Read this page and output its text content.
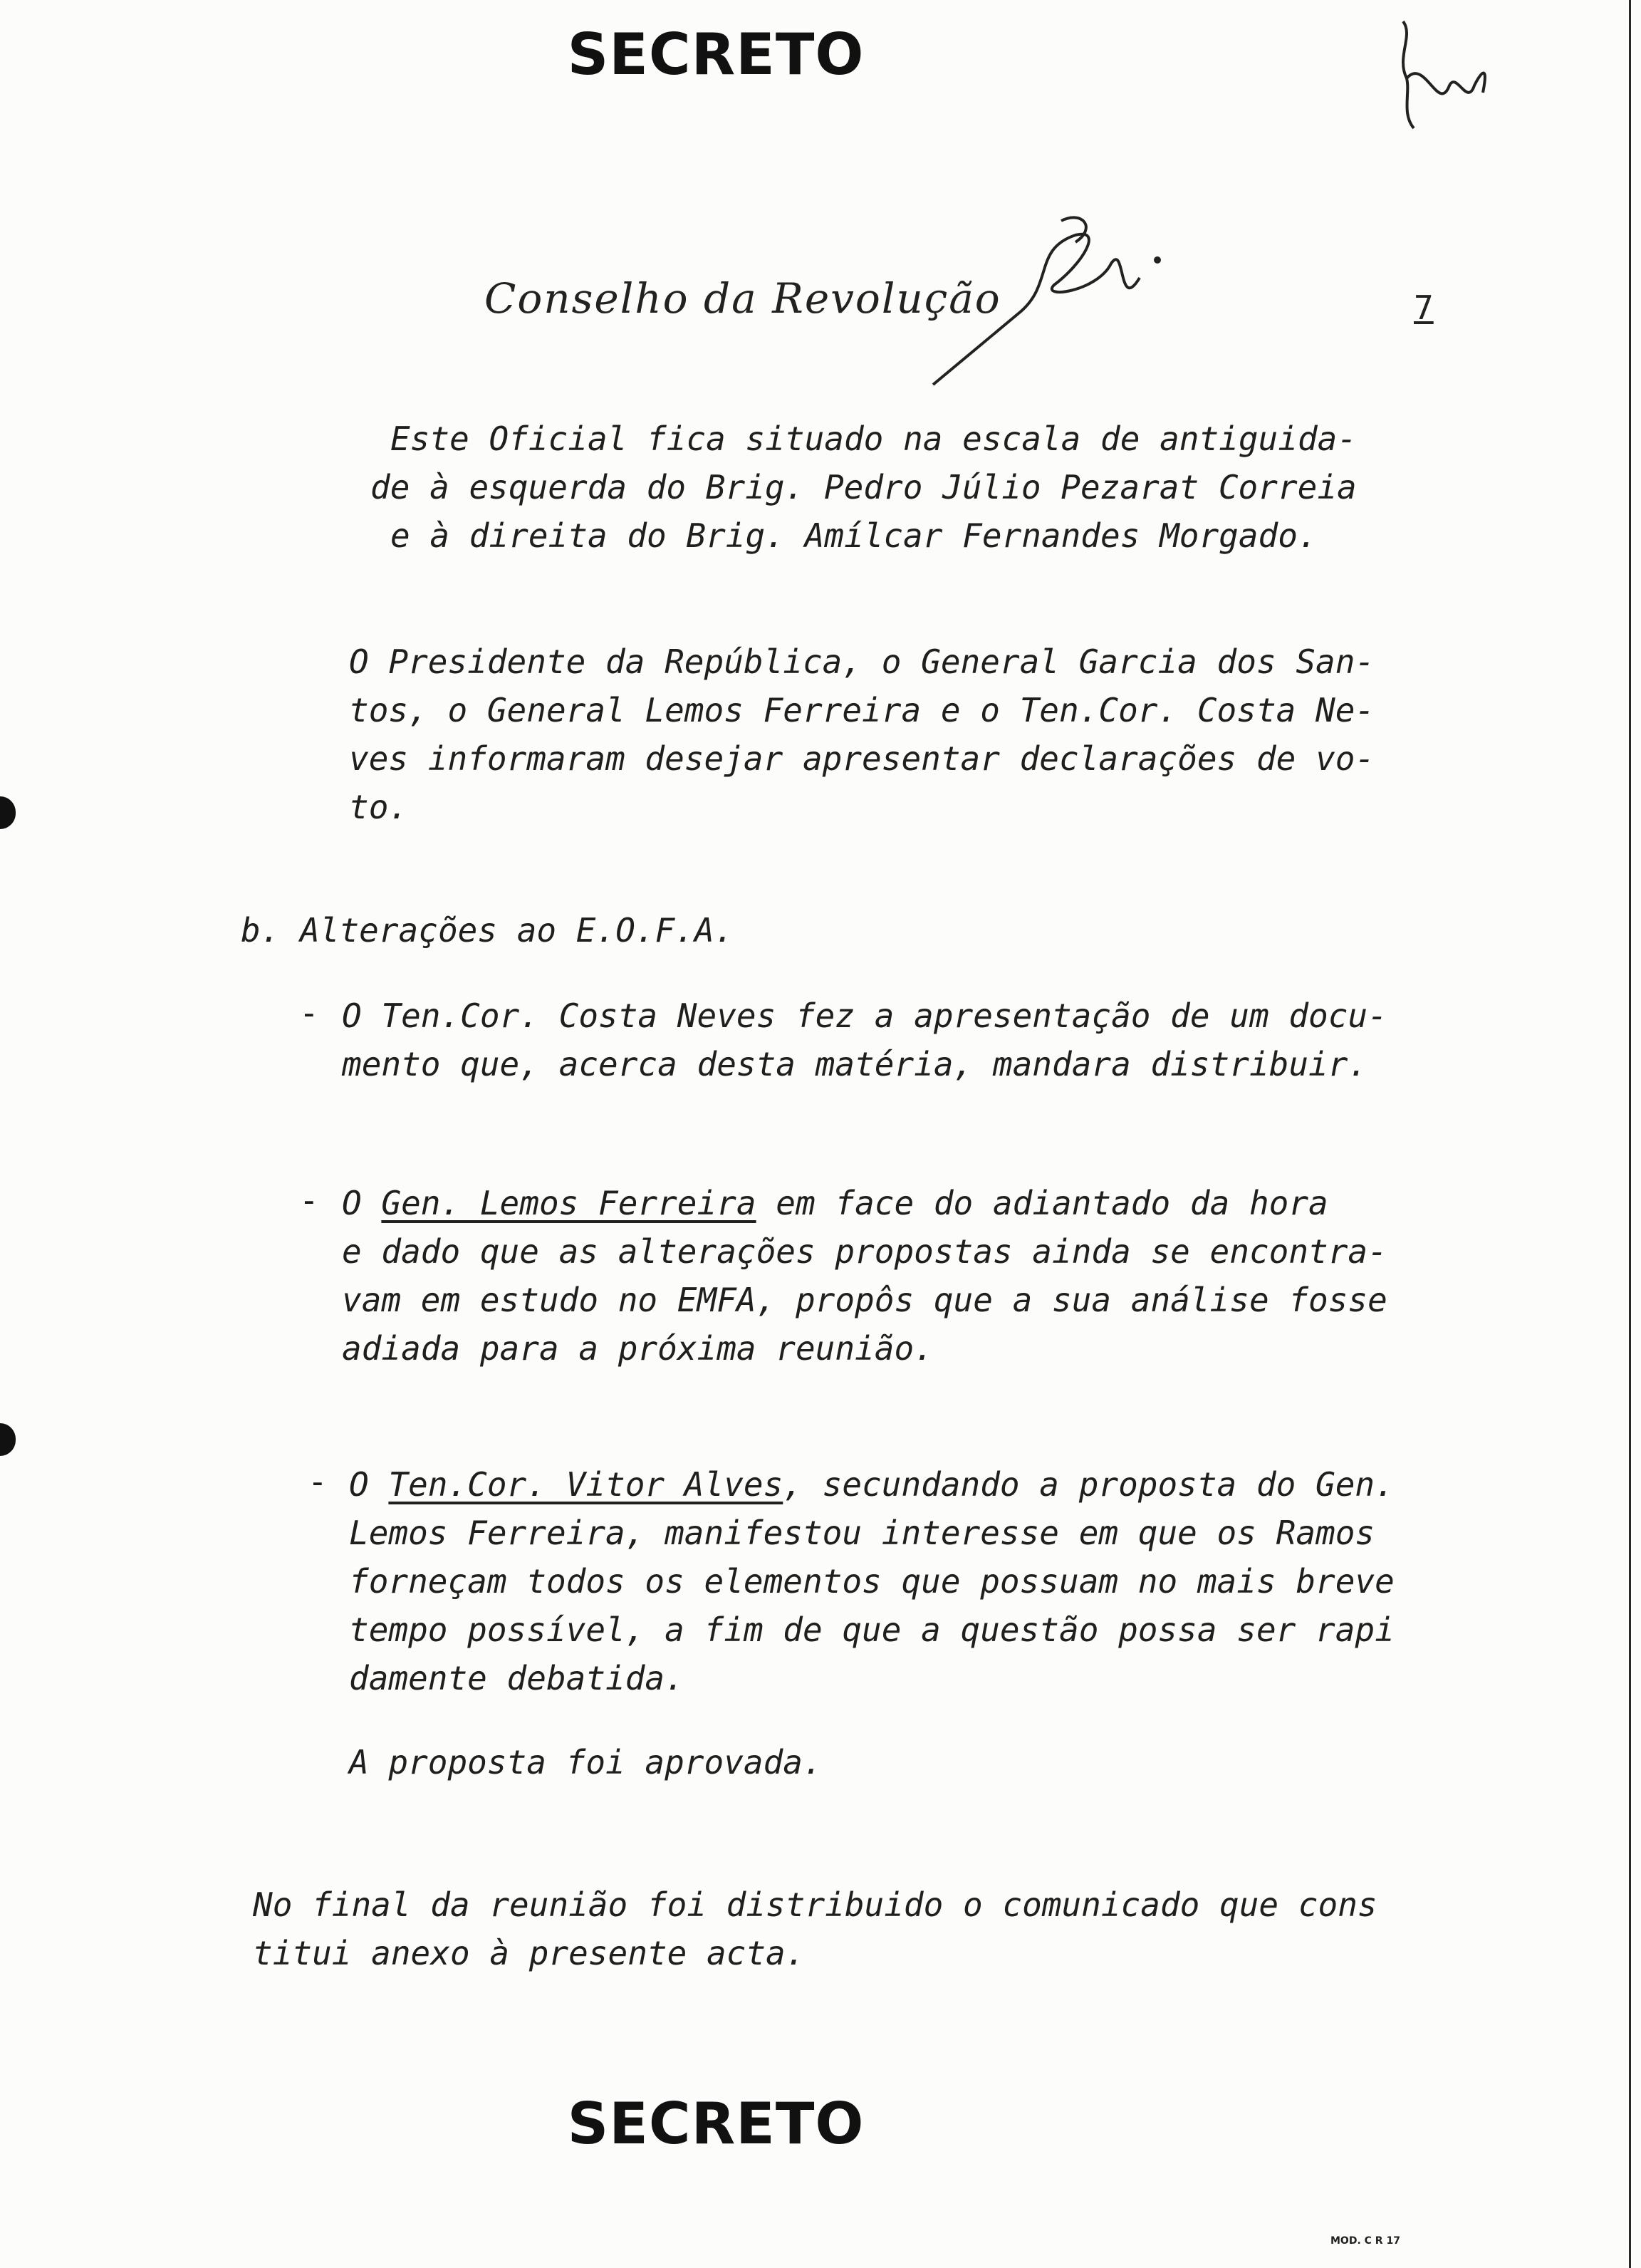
SECRETO
Conselho da Revolução	7

Este Oficial fica situado na escala de antiguida-

de à esquerda do Brig. Pedro Júlio Pezarat Correia

e à direita do Brig. Amílcar Fernandes Morgado.

O Presidente da República, o General Garcia dos San-

tos, o General Lemos Ferreira e o Ten.Cor. Costa Ne-

ves informaram desejar apresentar declarações de vo-

to.

b. Alterações ao E.O.F.A.

- O Ten.Cor. Costa Neves fez a apresentação de um docu-

mento que, acerca desta matéria, mandara distribuir.

- O Gen. Lemos Ferreira em face do adiantado da hora

e dado que as alterações propostas ainda se encontra-

vam em estudo no EMFA, propôs que a sua análise fosse

adiada para a próxima reunião.

- O Ten.Cor. Vitor Alves, secundando a proposta do Gen.

Lemos Ferreira, manifestou interesse em que os Ramos

forneçam todos os elementos que possuam no mais breve

tempo possível, a fim de que a questão possa ser rapi

damente debatida.

A proposta foi aprovada.

No final da reunião foi distribuido o comunicado que cons

titui anexo à presente acta.

SECRETO
MOD. C R 17
